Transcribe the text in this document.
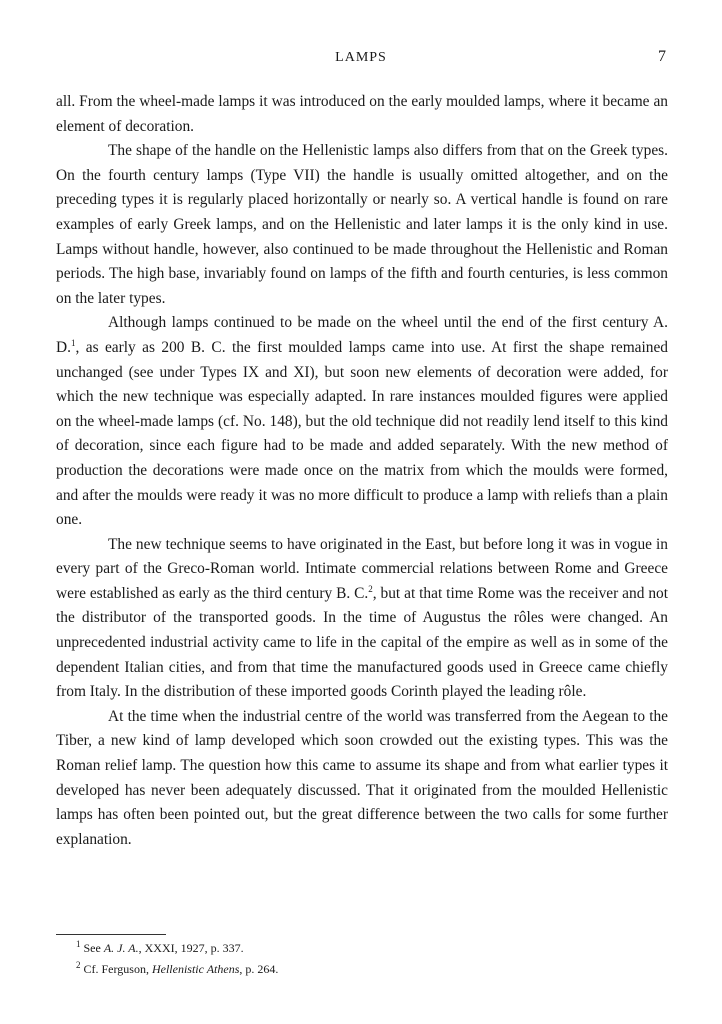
LAMPS	7

all. From the wheel-made lamps it was introduced on the early moulded lamps, where it became an element of decoration.

The shape of the handle on the Hellenistic lamps also differs from that on the Greek types. On the fourth century lamps (Type VII) the handle is usually omitted altogether, and on the preceding types it is regularly placed horizontally or nearly so. A vertical handle is found on rare examples of early Greek lamps, and on the Hellenistic and later lamps it is the only kind in use. Lamps without handle, however, also continued to be made throughout the Hellenistic and Roman periods. The high base, invariably found on lamps of the fifth and fourth centuries, is less common on the later types.

Although lamps continued to be made on the wheel until the end of the first century A. D.$^1$, as early as 200 B. C. the first moulded lamps came into use. At first the shape remained unchanged (see under Types IX and XI), but soon new elements of decoration were added, for which the new technique was especially adapted. In rare instances moulded figures were applied on the wheel-made lamps (cf. No. 148), but the old technique did not readily lend itself to this kind of decoration, since each figure had to be made and added separately. With the new method of production the decorations were made once on the matrix from which the moulds were formed, and after the moulds were ready it was no more difficult to produce a lamp with reliefs than a plain one.

The new technique seems to have originated in the East, but before long it was in vogue in every part of the Greco-Roman world. Intimate commercial relations between Rome and Greece were established as early as the third century B. C.$^2$, but at that time Rome was the receiver and not the distributor of the transported goods. In the time of Augustus the rôles were changed. An unprecedented industrial activity came to life in the capital of the empire as well as in some of the dependent Italian cities, and from that time the manufactured goods used in Greece came chiefly from Italy. In the distribution of these imported goods Corinth played the leading rôle.

At the time when the industrial centre of the world was transferred from the Aegean to the Tiber, a new kind of lamp developed which soon crowded out the existing types. This was the Roman relief lamp. The question how this came to assume its shape and from what earlier types it developed has never been adequately discussed. That it originated from the moulded Hellenistic lamps has often been pointed out, but the great difference between the two calls for some further explanation.

$^1$ See A. J. A., XXXI, 1927, p. 337.

$^2$ Cf. Ferguson, Hellenistic Athens, p. 264.
